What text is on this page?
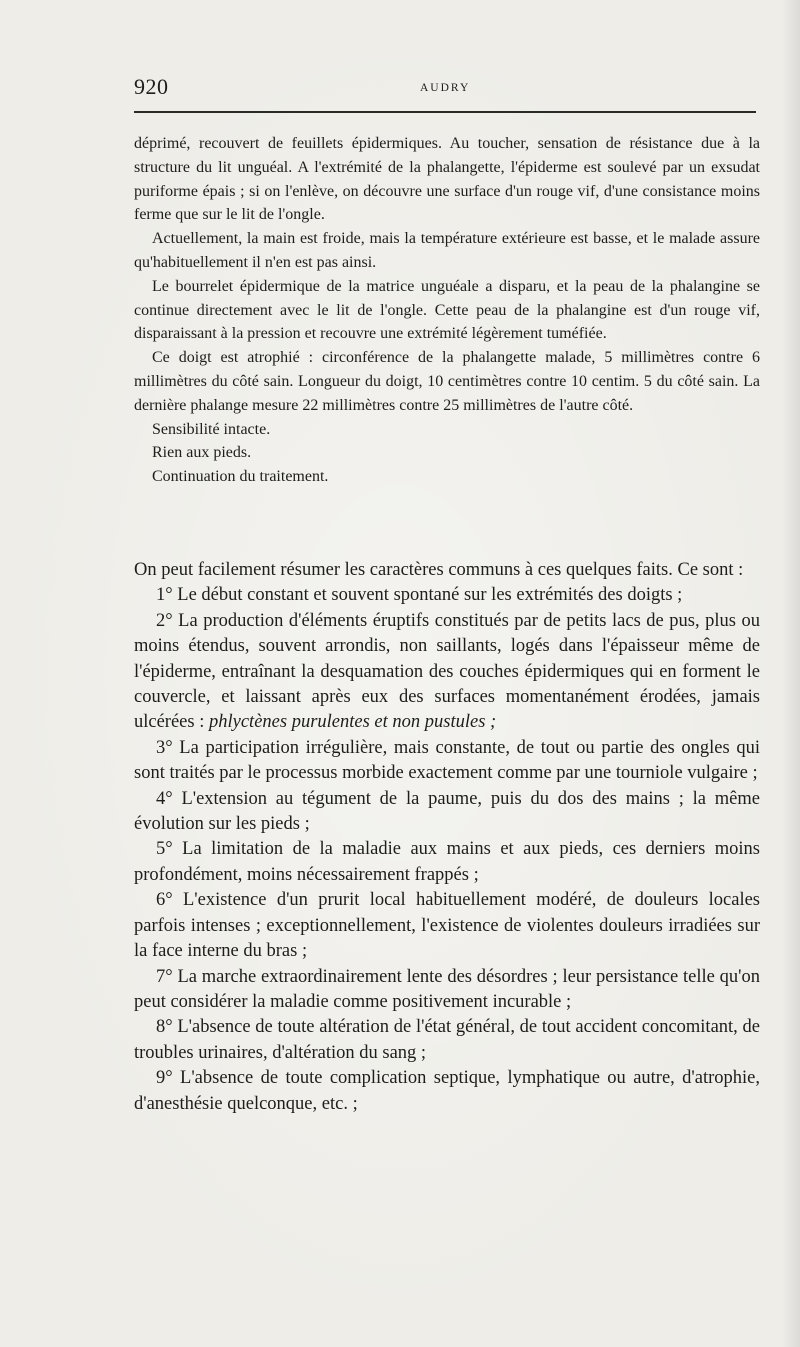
920	AUDRY

déprimé, recouvert de feuillets épidermiques. Au toucher, sensation de résistance due à la structure du lit unguéal. A l'extrémité de la phalangette, l'épiderme est soulevé par un exsudat puriforme épais ; si on l'enlève, on découvre une surface d'un rouge vif, d'une consistance moins ferme que sur le lit de l'ongle.

Actuellement, la main est froide, mais la température extérieure est basse, et le malade assure qu'habituellement il n'en est pas ainsi.

Le bourrelet épidermique de la matrice unguéale a disparu, et la peau de la phalangine se continue directement avec le lit de l'ongle. Cette peau de la phalangine est d'un rouge vif, disparaissant à la pression et recouvre une extrémité légèrement tuméfiée.

Ce doigt est atrophié : circonférence de la phalangette malade, 5 millimètres contre 6 millimètres du côté sain. Longueur du doigt, 10 centimètres contre 10 centim. 5 du côté sain. La dernière phalange mesure 22 millimètres contre 25 millimètres de l'autre côté.

Sensibilité intacte.

Rien aux pieds.

Continuation du traitement.

On peut facilement résumer les caractères communs à ces quelques faits. Ce sont :

1° Le début constant et souvent spontané sur les extrémités des doigts ;

2° La production d'éléments éruptifs constitués par de petits lacs de pus, plus ou moins étendus, souvent arrondis, non saillants, logés dans l'épaisseur même de l'épiderme, entraînant la desquamation des couches épidermiques qui en forment le couvercle, et laissant après eux des surfaces momentanément érodées, jamais ulcérées : phlyctènes purulentes et non pustules ;

3° La participation irrégulière, mais constante, de tout ou partie des ongles qui sont traités par le processus morbide exactement comme par une tourniole vulgaire ;

4° L'extension au tégument de la paume, puis du dos des mains ; la même évolution sur les pieds ;

5° La limitation de la maladie aux mains et aux pieds, ces derniers moins profondément, moins nécessairement frappés ;

6° L'existence d'un prurit local habituellement modéré, de douleurs locales parfois intenses ; exceptionnellement, l'existence de violentes douleurs irradiées sur la face interne du bras ;

7° La marche extraordinairement lente des désordres ; leur persistance telle qu'on peut considérer la maladie comme positivement incurable ;

8° L'absence de toute altération de l'état général, de tout accident concomitant, de troubles urinaires, d'altération du sang ;

9° L'absence de toute complication septique, lymphatique ou autre, d'atrophie, d'anesthésie quelconque, etc. ;
